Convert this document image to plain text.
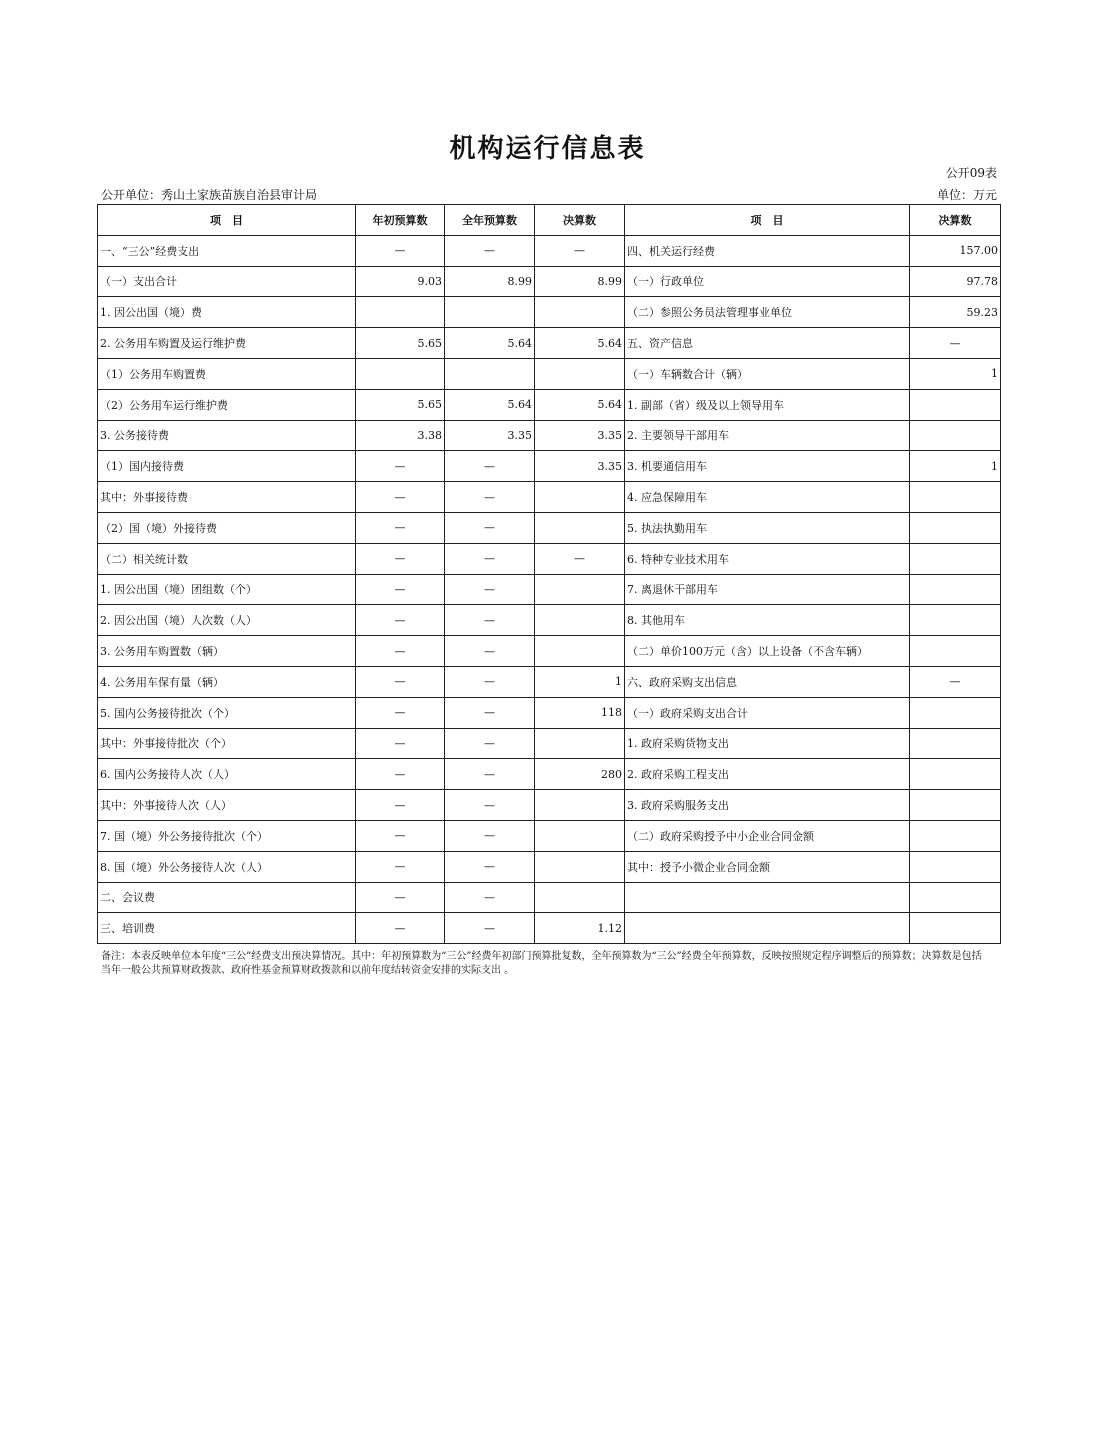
机构运行信息表
公开09表
公开单位：秀山土家族苗族自治县审计局	单位：万元
项　目	年初预算数	全年预算数	决算数	项　目	决算数
一、“三公”经费支出	—	—	—	四、机关运行经费	157.00
（一）支出合计	9.03	8.99	8.99	（一）行政单位	97.78
1. 因公出国（境）费				（二）参照公务员法管理事业单位	59.23
2. 公务用车购置及运行维护费	5.65	5.64	5.64	五、资产信息	—
（1）公务用车购置费				（一）车辆数合计（辆）	1
（2）公务用车运行维护费	5.65	5.64	5.64	1. 副部（省）级及以上领导用车	
3. 公务接待费	3.38	3.35	3.35	2. 主要领导干部用车	
（1）国内接待费	—	—	3.35	3. 机要通信用车	1
其中：外事接待费	—	—		4. 应急保障用车	
（2）国（境）外接待费	—	—		5. 执法执勤用车	
（二）相关统计数	—	—	—	6. 特种专业技术用车	
1. 因公出国（境）团组数（个）	—	—		7. 离退休干部用车	
2. 因公出国（境）人次数（人）	—	—		8. 其他用车	
3. 公务用车购置数（辆）	—	—		（二）单价100万元（含）以上设备（不含车辆）	
4. 公务用车保有量（辆）	—	—	1	六、政府采购支出信息	—
5. 国内公务接待批次（个）	—	—	118	（一）政府采购支出合计	
其中：外事接待批次（个）	—	—		1. 政府采购货物支出	
6. 国内公务接待人次（人）	—	—	280	2. 政府采购工程支出	
其中：外事接待人次（人）	—	—		3. 政府采购服务支出	
7. 国（境）外公务接待批次（个）	—	—		（二）政府采购授予中小企业合同金额	
8. 国（境）外公务接待人次（人）	—	—		其中：授予小微企业合同金额	
二、会议费	—	—			
三、培训费	—	—	1.12		
备注：本表反映单位本年度“三公”经费支出预决算情况。其中：年初预算数为“三公”经费年初部门预算批复数，全年预算数为“三公”经费全年预算数，反映按照规定程序调整后的预算数；决算数是包括当年一般公共预算财政拨款、政府性基金预算财政拨款和以前年度结转资金安排的实际支出 。
